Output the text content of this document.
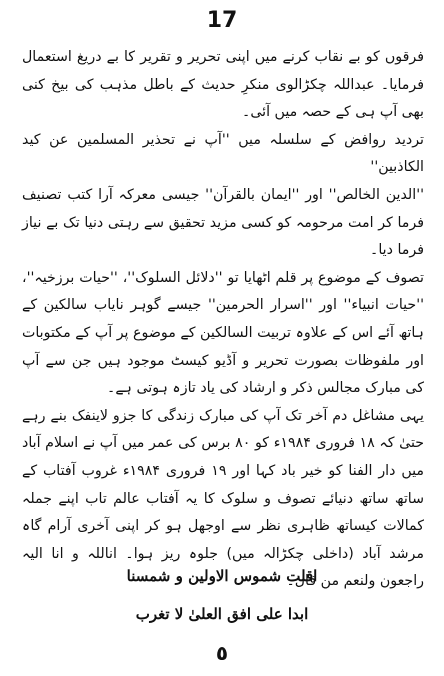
17

فرقوں کو بے نقاب کرنے میں اپنی تحریر و تقریر کا بے دریغ استعمال فرمایا۔ عبداللہ چکڑالوی منکرِ حدیث کے باطل مذہب کی بیخ کنی بھی آپ ہی کے حصہ میں آئی۔

تردید روافض کے سلسلہ میں ''آپ نے تحذیر المسلمین عن کید الکاذبین''

''الدین الخالص'' اور ''ایمان بالقرآن'' جیسی معرکہ آرا کتب تصنیف فرما کر امت مرحومہ کو کسی مزید تحقیق سے رہتی دنیا تک بے نیاز فرما دیا۔

تصوف کے موضوع پر قلم اٹھایا تو ''دلائل السلوک''، ''حیات برزخیہ''، ''حیات انبیاء'' اور ''اسرار الحرمین'' جیسے گوہر نایاب سالکین کے ہاتھ آئے اس کے علاوہ تربیت السالکین کے موضوع پر آپ کے مکتوبات اور ملفوظات بصورت تحریر و آڈیو کیسٹ موجود ہیں جن سے آپ کی مبارک مجالس ذکر و ارشاد کی یاد تازہ ہوتی ہے۔

یہی مشاغل دم آخر تک آپ کی مبارک زندگی کا جزو لاینفک بنے رہے حتیٰ کہ ۱۸ فروری ۱۹۸۴ء کو ۸۰ برس کی عمر میں آپ نے اسلام آباد میں دار الفنا کو خیر باد کہا اور ۱۹ فروری ۱۹۸۴ء غروب آفتاب کے ساتھ ساتھ دنیائے تصوف و سلوک کا یہ آفتاب عالم تاب اپنے جملہ کمالات کیساتھ ظاہری نظر سے اوجھل ہو کر اپنی آخری آرام گاہ مرشد آباد (داخلی چکڑالہ میں) جلوہ ریز ہوا۔ اناللہ و انا الیہ راجعون ولنعم من قال۔

اقلت شموس الاولین و شمسنا
ابدا علی افق العلیٰ لا تغرب
٥
